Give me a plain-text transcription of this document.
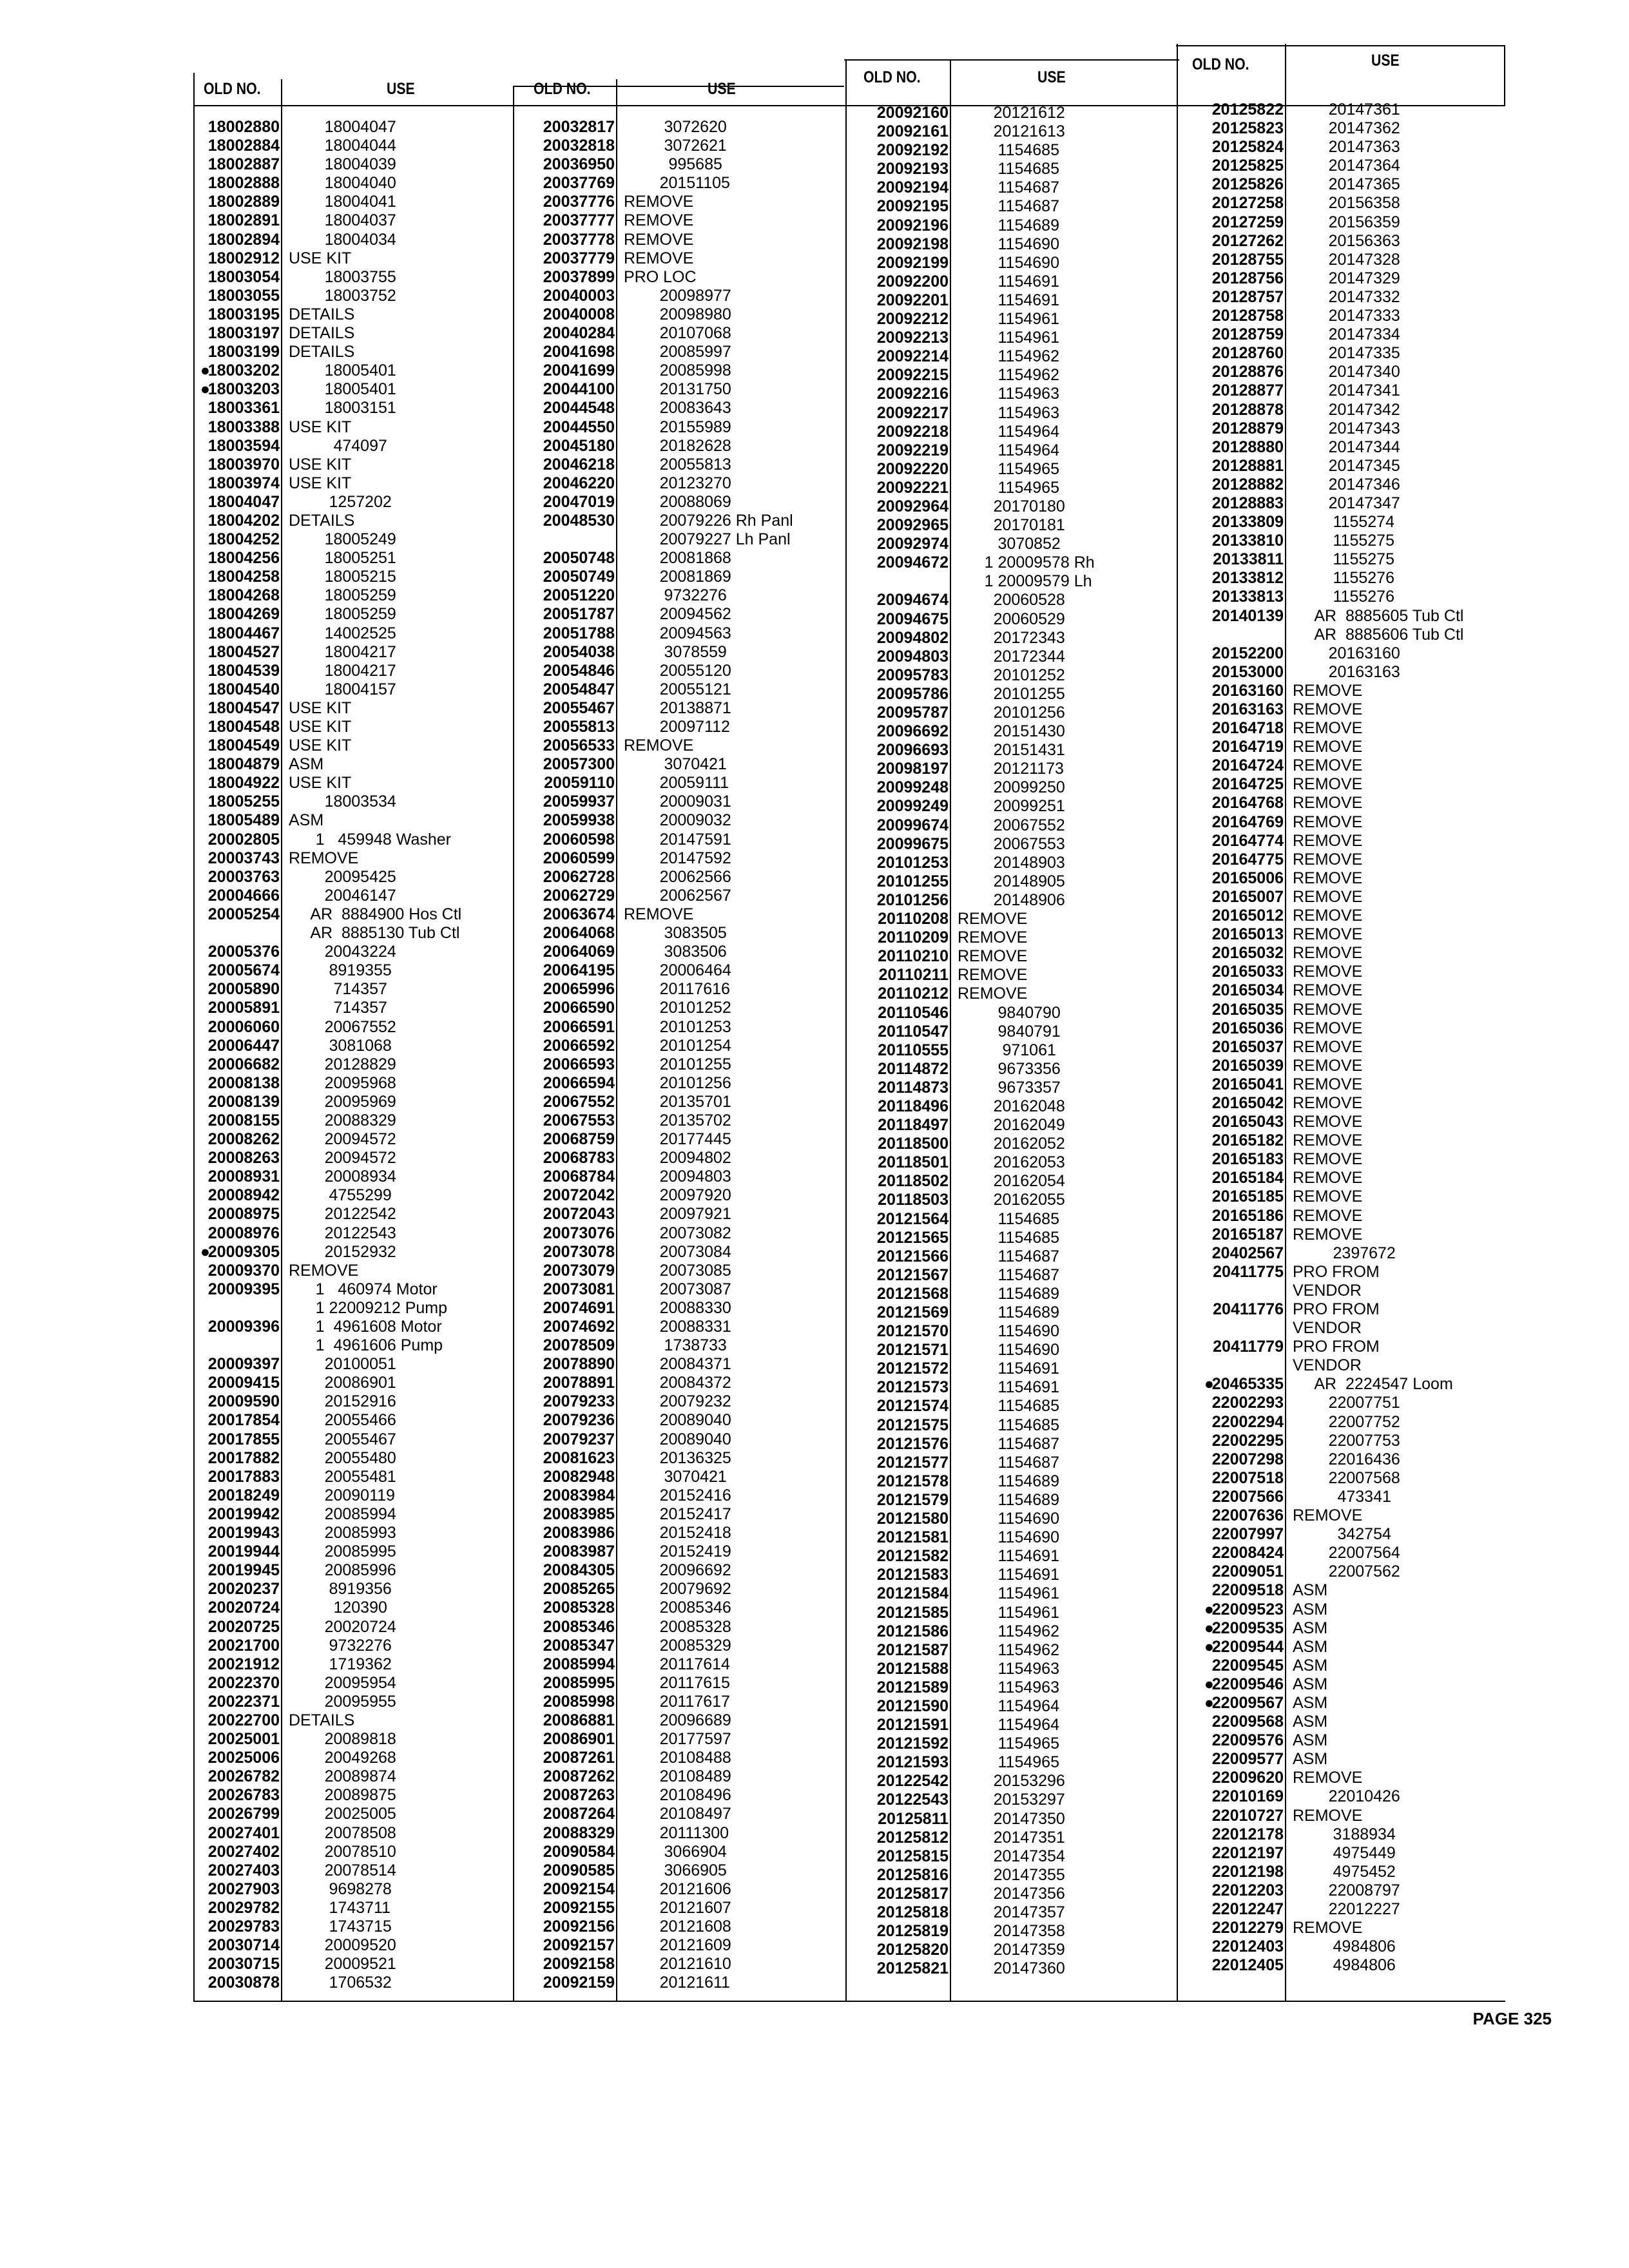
OLD NO.	USE
18002880 18004047
18002884 18004044
18002887 18004039
18002888 18004040
18002889 18004041
18002891 18004037
18002894 18004034
18002912 USE KIT
18003054 18003755
18003055 18003752
18003195 DETAILS
18003197 DETAILS
18003199 DETAILS
●
18003202 18005401
●
18003203 18005401
18003361 18003151
18003388 USE KIT
18003594 474097
18003970 USE KIT
18003974 USE KIT
18004047 1257202
18004202 DETAILS
18004252 18005249
18004256 18005251
18004258 18005215
18004268 18005259
18004269 18005259
18004467 14002525
18004527 18004217
18004539 18004217
18004540 18004157
18004547 USE KIT
18004548 USE KIT
18004549 USE KIT
18004879 ASM
18004922 USE KIT
18005255 18003534
18005489 ASM
20002805 1   459948 Washer
20003743 REMOVE
20003763 20095425
20004666 20046147
20005254 AR  8884900 Hos Ctl
AR  8885130 Tub Ctl
20005376 20043224
20005674 8919355
20005890 714357
20005891 714357
20006060 20067552
20006447 3081068
20006682 20128829
20008138 20095968
20008139 20095969
20008155 20088329
20008262 20094572
20008263 20094572
20008931 20008934
20008942 4755299
20008975 20122542
20008976 20122543
●
20009305 20152932
20009370 REMOVE
20009395 1   460974 Motor
1 22009212 Pump
20009396 1  4961608 Motor
1  4961606 Pump
20009397 20100051
20009415 20086901
20009590 20152916
20017854 20055466
20017855 20055467
20017882 20055480
20017883 20055481
20018249 20090119
20019942 20085994
20019943 20085993
20019944 20085995
20019945 20085996
20020237 8919356
20020724 120390
20020725 20020724
20021700 9732276
20021912 1719362
20022370 20095954
20022371 20095955
20022700 DETAILS
20025001 20089818
20025006 20049268
20026782 20089874
20026783 20089875
20026799 20025005
20027401 20078508
20027402 20078510
20027403 20078514
20027903 9698278
20029782 1743711
20029783 1743715
20030714 20009520
20030715 20009521
20030878 1706532
OLD NO.	USE
20032817 3072620
20032818 3072621
20036950 995685
20037769 20151105
20037776 REMOVE
20037777 REMOVE
20037778 REMOVE
20037779 REMOVE
20037899 PRO LOC
20040003 20098977
20040008 20098980
20040284 20107068
20041698 20085997
20041699 20085998
20044100 20131750
20044548 20083643
20044550 20155989
20045180 20182628
20046218 20055813
20046220 20123270
20047019 20088069
20048530 20079226 Rh Panl
20079227 Lh Panl
20050748 20081868
20050749 20081869
20051220 9732276
20051787 20094562
20051788 20094563
20054038 3078559
20054846 20055120
20054847 20055121
20055467 20138871
20055813 20097112
20056533 REMOVE
20057300 3070421
20059110 20059111
20059937 20009031
20059938 20009032
20060598 20147591
20060599 20147592
20062728 20062566
20062729 20062567
20063674 REMOVE
20064068 3083505
20064069 3083506
20064195 20006464
20065996 20117616
20066590 20101252
20066591 20101253
20066592 20101254
20066593 20101255
20066594 20101256
20067552 20135701
20067553 20135702
20068759 20177445
20068783 20094802
20068784 20094803
20072042 20097920
20072043 20097921
20073076 20073082
20073078 20073084
20073079 20073085
20073081 20073087
20074691 20088330
20074692 20088331
20078509 1738733
20078890 20084371
20078891 20084372
20079233 20079232
20079236 20089040
20079237 20089040
20081623 20136325
20082948 3070421
20083984 20152416
20083985 20152417
20083986 20152418
20083987 20152419
20084305 20096692
20085265 20079692
20085328 20085346
20085346 20085328
20085347 20085329
20085994 20117614
20085995 20117615
20085998 20117617
20086881 20096689
20086901 20177597
20087261 20108488
20087262 20108489
20087263 20108496
20087264 20108497
20088329 20111300
20090584 3066904
20090585 3066905
20092154 20121606
20092155 20121607
20092156 20121608
20092157 20121609
20092158 20121610
20092159 20121611
OLD NO.	USE
20092160 20121612
20092161 20121613
20092192 1154685
20092193 1154685
20092194 1154687
20092195 1154687
20092196 1154689
20092198 1154690
20092199 1154690
20092200 1154691
20092201 1154691
20092212 1154961
20092213 1154961
20092214 1154962
20092215 1154962
20092216 1154963
20092217 1154963
20092218 1154964
20092219 1154964
20092220 1154965
20092221 1154965
20092964 20170180
20092965 20170181
20092974 3070852
20094672 1 20009578 Rh
1 20009579 Lh
20094674 20060528
20094675 20060529
20094802 20172343
20094803 20172344
20095783 20101252
20095786 20101255
20095787 20101256
20096692 20151430
20096693 20151431
20098197 20121173
20099248 20099250
20099249 20099251
20099674 20067552
20099675 20067553
20101253 20148903
20101255 20148905
20101256 20148906
20110208 REMOVE
20110209 REMOVE
20110210 REMOVE
20110211 REMOVE
20110212 REMOVE
20110546 9840790
20110547 9840791
20110555 971061
20114872 9673356
20114873 9673357
20118496 20162048
20118497 20162049
20118500 20162052
20118501 20162053
20118502 20162054
20118503 20162055
20121564 1154685
20121565 1154685
20121566 1154687
20121567 1154687
20121568 1154689
20121569 1154689
20121570 1154690
20121571 1154690
20121572 1154691
20121573 1154691
20121574 1154685
20121575 1154685
20121576 1154687
20121577 1154687
20121578 1154689
20121579 1154689
20121580 1154690
20121581 1154690
20121582 1154691
20121583 1154691
20121584 1154961
20121585 1154961
20121586 1154962
20121587 1154962
20121588 1154963
20121589 1154963
20121590 1154964
20121591 1154964
20121592 1154965
20121593 1154965
20122542 20153296
20122543 20153297
20125811 20147350
20125812 20147351
20125815 20147354
20125816 20147355
20125817 20147356
20125818 20147357
20125819 20147358
20125820 20147359
20125821 20147360
OLD NO.	USE
20125822 20147361
20125823 20147362
20125824 20147363
20125825 20147364
20125826 20147365
20127258 20156358
20127259 20156359
20127262 20156363
20128755 20147328
20128756 20147329
20128757 20147332
20128758 20147333
20128759 20147334
20128760 20147335
20128876 20147340
20128877 20147341
20128878 20147342
20128879 20147343
20128880 20147344
20128881 20147345
20128882 20147346
20128883 20147347
20133809 1155274
20133810 1155275
20133811 1155275
20133812 1155276
20133813 1155276
20140139 AR  8885605 Tub Ctl
AR  8885606 Tub Ctl
20152200 20163160
20153000 20163163
20163160 REMOVE
20163163 REMOVE
20164718 REMOVE
20164719 REMOVE
20164724 REMOVE
20164725 REMOVE
20164768 REMOVE
20164769 REMOVE
20164774 REMOVE
20164775 REMOVE
20165006 REMOVE
20165007 REMOVE
20165012 REMOVE
20165013 REMOVE
20165032 REMOVE
20165033 REMOVE
20165034 REMOVE
20165035 REMOVE
20165036 REMOVE
20165037 REMOVE
20165039 REMOVE
20165041 REMOVE
20165042 REMOVE
20165043 REMOVE
20165182 REMOVE
20165183 REMOVE
20165184 REMOVE
20165185 REMOVE
20165186 REMOVE
20165187 REMOVE
20402567 2397672
20411775 PRO FROM
VENDOR
20411776 PRO FROM
VENDOR
20411779 PRO FROM
VENDOR
●
20465335 AR  2224547 Loom
22002293 22007751
22002294 22007752
22002295 22007753
22007298 22016436
22007518 22007568
22007566 473341
22007636 REMOVE
22007997 342754
22008424 22007564
22009051 22007562
22009518 ASM
●
22009523 ASM
●
22009535 ASM
●
22009544 ASM
22009545 ASM
●
22009546 ASM
●
22009567 ASM
22009568 ASM
22009576 ASM
22009577 ASM
22009620 REMOVE
22010169 22010426
22010727 REMOVE
22012178 3188934
22012197 4975449
22012198 4975452
22012203 22008797
22012247 22012227
22012279 REMOVE
22012403 4984806
22012405 4984806
PAGE 325
